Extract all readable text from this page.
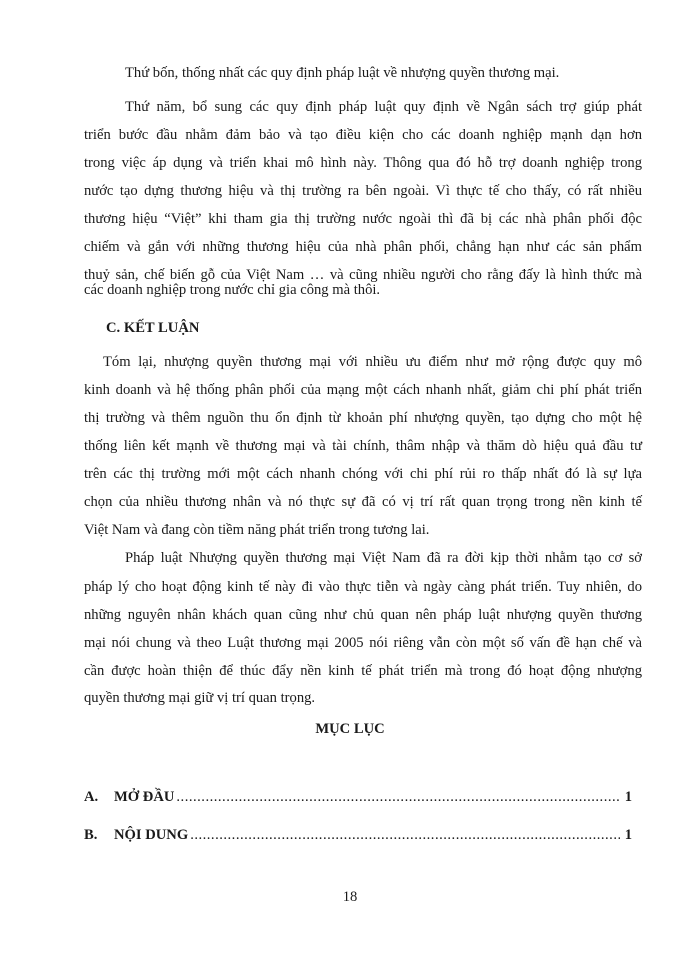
Thứ bốn, thống nhất các quy định pháp luật về nhượng quyền thương mại.
Thứ năm, bổ sung các quy định pháp luật quy định về Ngân sách trợ giúp phát
triển bước đầu nhằm đảm bảo và tạo điều kiện cho các doanh nghiệp mạnh dạn hơn
trong việc áp dụng và triển khai mô hình này. Thông qua đó hỗ trợ doanh nghiệp trong
nước tạo dựng thương hiệu và thị trường ra bên ngoài. Vì thực tế cho thấy, có rất nhiều
thương hiệu “Việt” khi tham gia thị trường nước ngoài thì đã bị các nhà phân phối độc
chiếm và gắn với những thương hiệu của nhà phân phối, chẳng hạn như các sản phẩm
thuỷ sản, chế biến gỗ của Việt Nam … và cũng nhiều người cho rằng đấy là hình thức mà
các doanh nghiệp trong nước chỉ gia công mà thôi.
C. KẾT LUẬN
Tóm lại, nhượng quyền thương mại với nhiều ưu điểm như mở rộng được quy mô
kinh doanh và hệ thống phân phối của mạng một cách nhanh nhất, giảm chi phí phát triển
thị trường và thêm nguồn thu ổn định từ khoản phí nhượng quyền, tạo dựng cho một hệ
thống liên kết mạnh về thương mại và tài chính, thâm nhập và thăm dò hiệu quả đầu tư
trên các thị trường mới một cách nhanh chóng với chi phí rủi ro thấp nhất đó là sự lựa
chọn của nhiều thương nhân và nó thực sự đã có vị trí rất quan trọng trong nền kinh tế
Việt Nam và đang còn tiềm năng phát triển trong tương lai.
Pháp luật Nhượng quyền thương mại Việt Nam đã ra đời kịp thời nhằm tạo cơ sở
pháp lý cho hoạt động kinh tế này đi vào thực tiễn và ngày càng phát triển. Tuy nhiên, do
những nguyên nhân khách quan cũng như chủ quan nên pháp luật nhượng quyền thương
mại nói chung và theo Luật thương mại 2005 nói riêng vẫn còn một số vấn đề hạn chế và
cần được hoàn thiện để thúc đẩy nền kinh tế phát triển mà trong đó hoạt động nhượng
quyền thương mại giữ vị trí quan trọng.
MỤC LỤC
A.	MỞ ĐẦU .....	1
B.	NỘI DUNG .....	1
18
